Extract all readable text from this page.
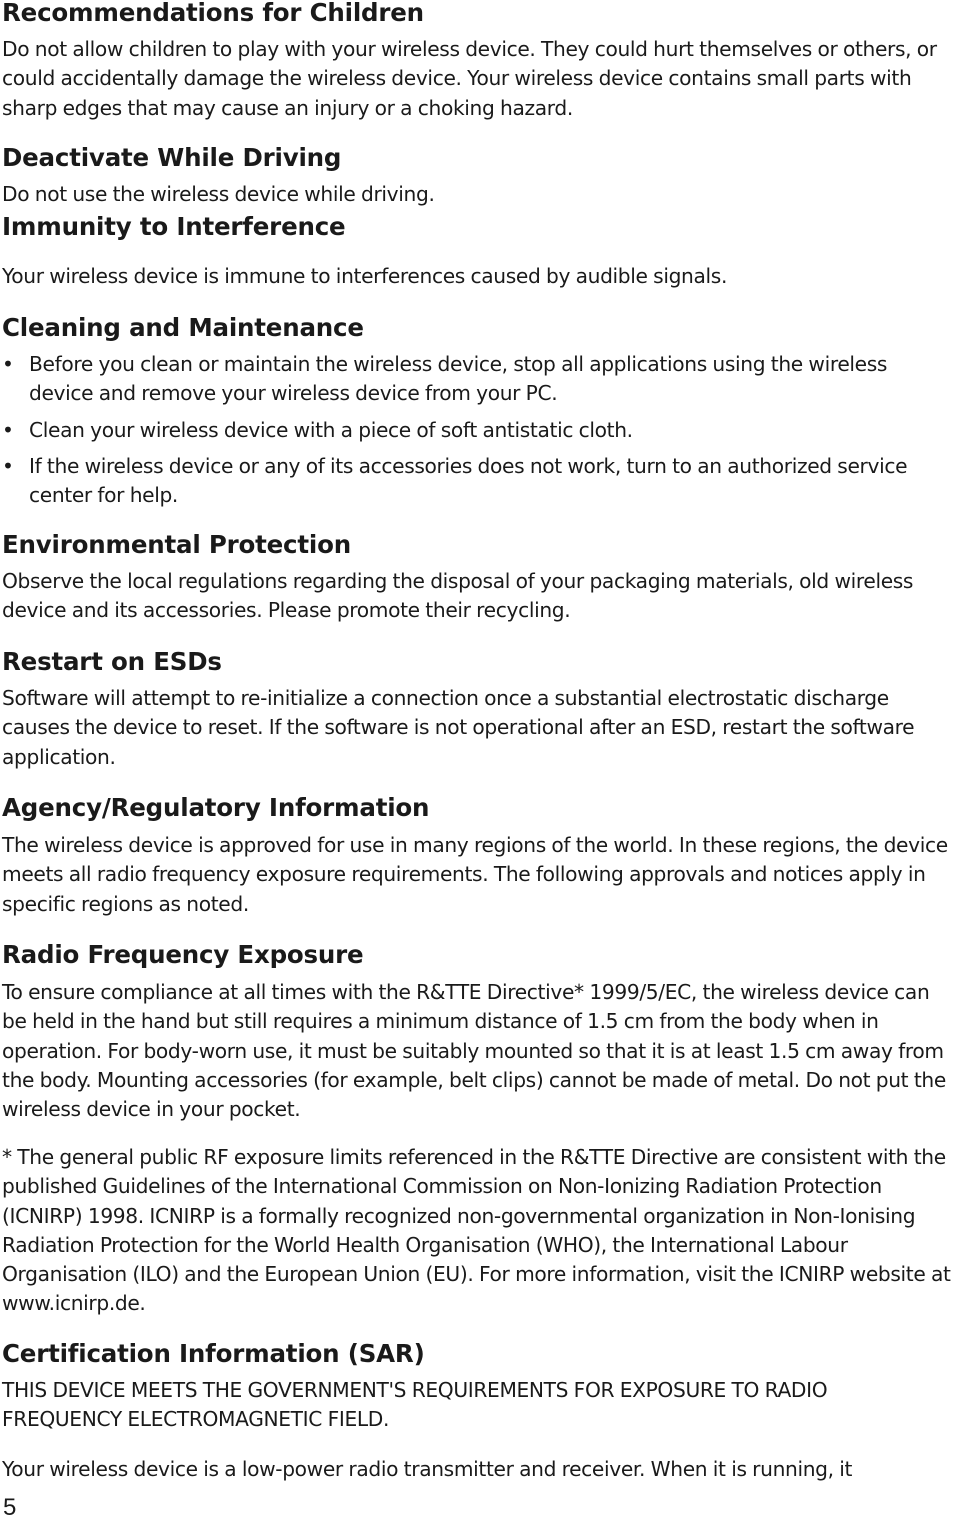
Recommendations for Children

Do not allow children to play with your wireless device. They could hurt themselves or others, or could accidentally damage the wireless device. Your wireless device contains small parts with sharp edges that may cause an injury or a choking hazard.

Deactivate While Driving

Do not use the wireless device while driving.

Immunity to Interference

Your wireless device is immune to interferences caused by audible signals.

Cleaning and Maintenance
• Before you clean or maintain the wireless device, stop all applications using the wireless device and remove your wireless device from your PC.
• Clean your wireless device with a piece of soft antistatic cloth.
• If the wireless device or any of its accessories does not work, turn to an authorized service center for help.
Environmental Protection

Observe the local regulations regarding the disposal of your packaging materials, old wireless device and its accessories. Please promote their recycling.

Restart on ESDs

Software will attempt to re-initialize a connection once a substantial electrostatic discharge causes the device to reset. If the software is not operational after an ESD, restart the software application.

Agency/Regulatory Information

The wireless device is approved for use in many regions of the world. In these regions, the device meets all radio frequency exposure requirements. The following approvals and notices apply in specific regions as noted.

Radio Frequency Exposure

To ensure compliance at all times with the R&TTE Directive* 1999/5/EC, the wireless device can be held in the hand but still requires a minimum distance of 1.5 cm from the body when in operation. For body-worn use, it must be suitably mounted so that it is at least 1.5 cm away from the body. Mounting accessories (for example, belt clips) cannot be made of metal. Do not put the wireless device in your pocket.

* The general public RF exposure limits referenced in the R&TTE Directive are consistent with the published Guidelines of the International Commission on Non-Ionizing Radiation Protection (ICNIRP) 1998. ICNIRP is a formally recognized non-governmental organization in Non-Ionising Radiation Protection for the World Health Organisation (WHO), the International Labour Organisation (ILO) and the European Union (EU). For more information, visit the ICNIRP website at www.icnirp.de.

Certification Information (SAR)

THIS DEVICE MEETS THE GOVERNMENT'S REQUIREMENTS FOR EXPOSURE TO RADIO FREQUENCY ELECTROMAGNETIC FIELD.

Your wireless device is a low-power radio transmitter and receiver. When it is running, it

5
